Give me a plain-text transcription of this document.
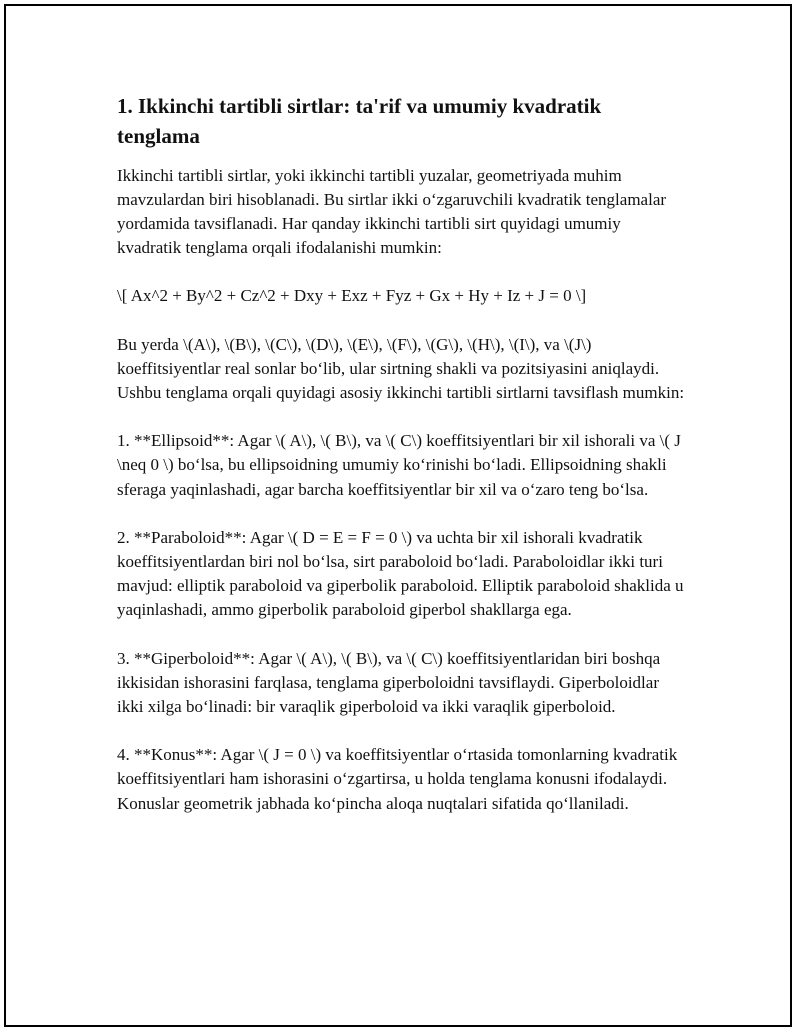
1. Ikkinchi tartibli sirtlar: ta'rif va umumiy kvadratik tenglama

Ikkinchi tartibli sirtlar, yoki ikkinchi tartibli yuzalar, geometriyada muhim mavzulardan biri hisoblanadi. Bu sirtlar ikki o‘zgaruvchili kvadratik tenglamalar yordamida tavsiflanadi. Har qanday ikkinchi tartibli sirt quyidagi umumiy kvadratik tenglama orqali ifodalanishi mumkin:

\[ Ax^2 + By^2 + Cz^2 + Dxy + Exz + Fyz + Gx + Hy + Iz + J = 0 \]

Bu yerda \(A\), \(B\), \(C\), \(D\), \(E\), \(F\), \(G\), \(H\), \(I\), va \(J\) koeffitsiyentlar real sonlar bo‘lib, ular sirtning shakli va pozitsiyasini aniqlaydi. Ushbu tenglama orqali quyidagi asosiy ikkinchi tartibli sirtlarni tavsiflash mumkin:

1. **Ellipsoid**: Agar \( A\), \( B\), va \( C\) koeffitsiyentlari bir xil ishorali va \( J \neq 0 \) bo‘lsa, bu ellipsoidning umumiy ko‘rinishi bo‘ladi. Ellipsoidning shakli sferaga yaqinlashadi, agar barcha koeffitsiyentlar bir xil va o‘zaro teng bo‘lsa.

2. **Paraboloid**: Agar \( D = E = F = 0 \) va uchta bir xil ishorali kvadratik koeffitsiyentlardan biri nol bo‘lsa, sirt paraboloid bo‘ladi. Paraboloidlar ikki turi mavjud: elliptik paraboloid va giperbolik paraboloid. Elliptik paraboloid shaklida u yaqinlashadi, ammo giperbolik paraboloid giperbol shakllarga ega.

3. **Giperboloid**: Agar \( A\), \( B\), va \( C\) koeffitsiyentlaridan biri boshqa ikkisidan ishorasini farqlasa, tenglama giperboloidni tavsiflaydi. Giperboloidlar ikki xilga bo‘linadi: bir varaqlik giperboloid va ikki varaqlik giperboloid.

4. **Konus**: Agar \( J = 0 \) va koeffitsiyentlar o‘rtasida tomonlarning kvadratik koeffitsiyentlari ham ishorasini o‘zgartirsa, u holda tenglama konusni ifodalaydi. Konuslar geometrik jabhada ko‘pincha aloqa nuqtalari sifatida qo‘llaniladi.
